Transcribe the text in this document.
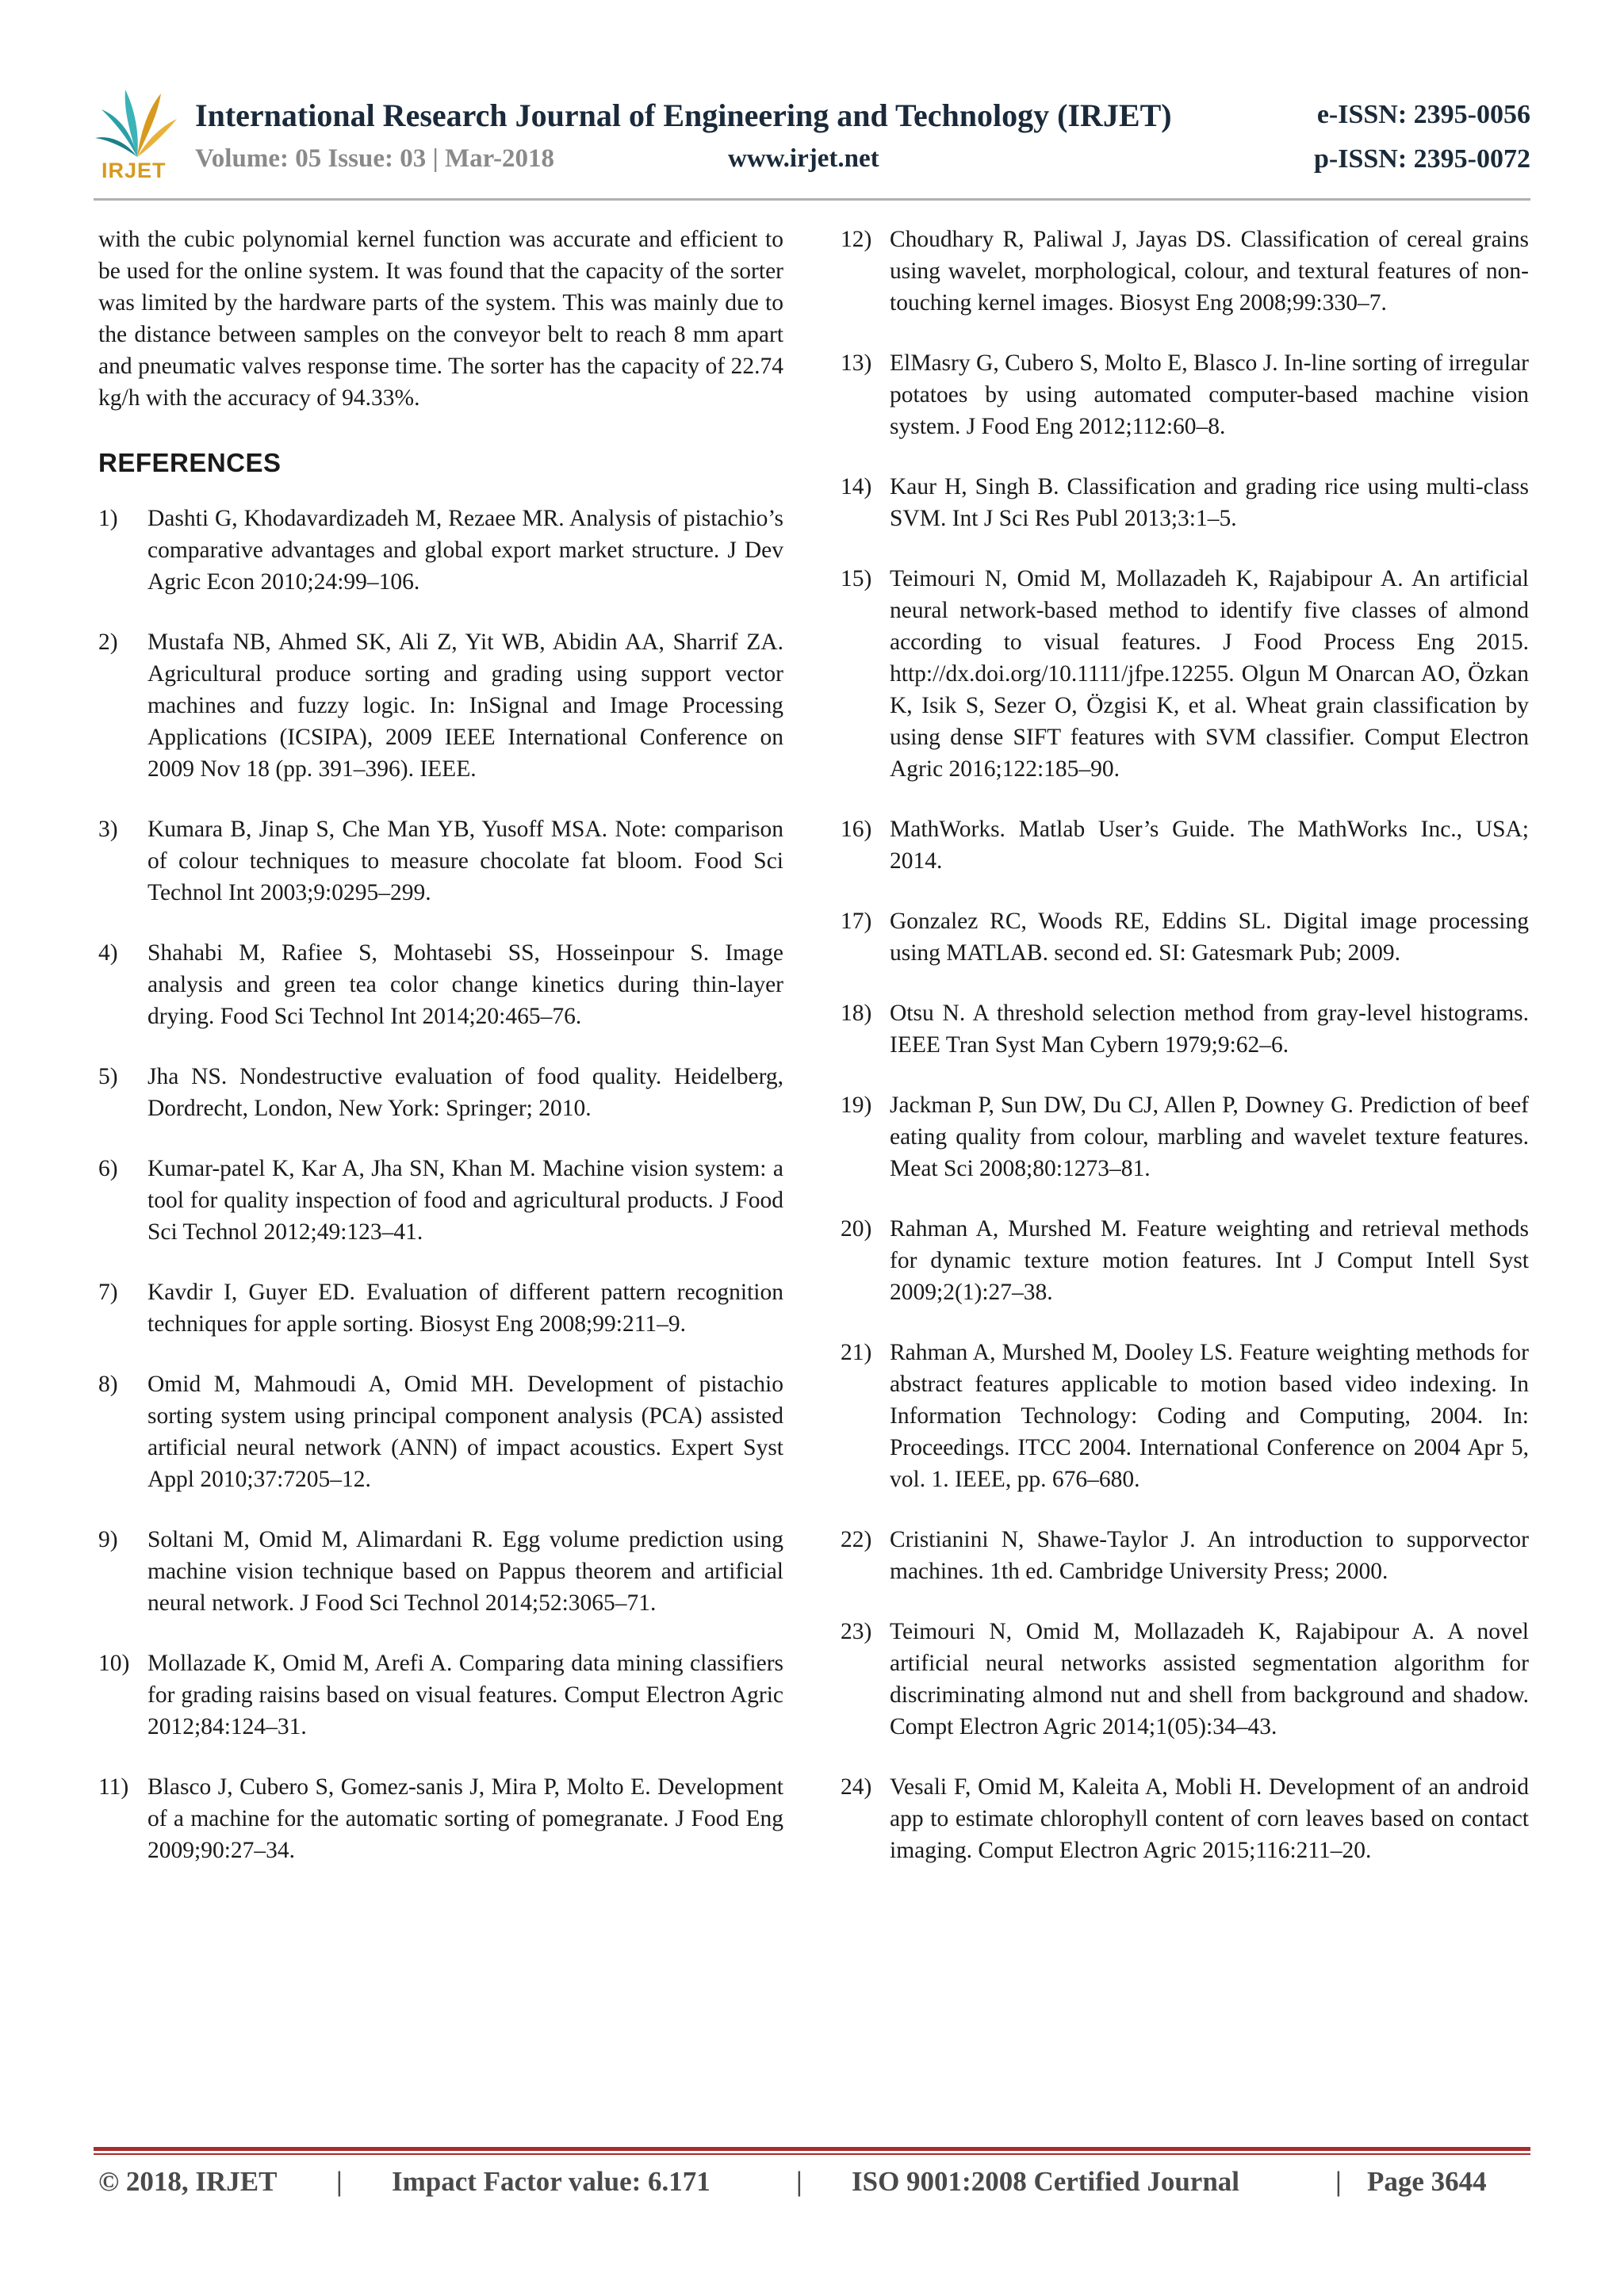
IRJET
International Research Journal of Engineering and Technology (IRJET)	e-ISSN: 2395-0056
Volume: 05 Issue: 03 | Mar-2018	www.irjet.net	p-ISSN: 2395-0072

with the cubic polynomial kernel function was accurate and efficient to be used for the online system. It was found that the capacity of the sorter was limited by the hardware parts of the system. This was mainly due to the distance between samples on the conveyor belt to reach 8 mm apart and pneumatic valves response time. The sorter has the capacity of 22.74 kg/h with the accuracy of 94.33%.

REFERENCES
1)	Dashti G, Khodavardizadeh M, Rezaee MR. Analysis of pistachio’s comparative advantages and global export market structure. J Dev Agric Econ 2010;24:99–106.
2)	Mustafa NB, Ahmed SK, Ali Z, Yit WB, Abidin AA, Sharrif ZA. Agricultural produce sorting and grading using support vector machines and fuzzy logic. In: InSignal and Image Processing Applications (ICSIPA), 2009 IEEE International Conference on 2009 Nov 18 (pp. 391–396). IEEE.
3)	Kumara B, Jinap S, Che Man YB, Yusoff MSA. Note: comparison of colour techniques to measure chocolate fat bloom. Food Sci Technol Int 2003;9:0295–299.
4)	Shahabi M, Rafiee S, Mohtasebi SS, Hosseinpour S. Image analysis and green tea color change kinetics during thin-layer drying. Food Sci Technol Int 2014;20:465–76.
5)	Jha NS. Nondestructive evaluation of food quality. Heidelberg, Dordrecht, London, New York: Springer; 2010.
6)	Kumar-patel K, Kar A, Jha SN, Khan M. Machine vision system: a tool for quality inspection of food and agricultural products. J Food Sci Technol 2012;49:123–41.
7)	Kavdir I, Guyer ED. Evaluation of different pattern recognition techniques for apple sorting. Biosyst Eng 2008;99:211–9.
8)	Omid M, Mahmoudi A, Omid MH. Development of pistachio sorting system using principal component analysis (PCA) assisted artificial neural network (ANN) of impact acoustics. Expert Syst Appl 2010;37:7205–12.
9)	Soltani M, Omid M, Alimardani R. Egg volume prediction using machine vision technique based on Pappus theorem and artificial neural network. J Food Sci Technol 2014;52:3065–71.
10) Mollazade K, Omid M, Arefi A. Comparing data mining classifiers for grading raisins based on visual features. Comput Electron Agric 2012;84:124–31.
11) Blasco J, Cubero S, Gomez-sanis J, Mira P, Molto E. Development of a machine for the automatic sorting of pomegranate. J Food Eng 2009;90:27–34.
12) Choudhary R, Paliwal J, Jayas DS. Classification of cereal grains using wavelet, morphological, colour, and textural features of non-touching kernel images. Biosyst Eng 2008;99:330–7.
13) ElMasry G, Cubero S, Molto E, Blasco J. In-line sorting of irregular potatoes by using automated computer-based machine vision system. J Food Eng 2012;112:60–8.
14) Kaur H, Singh B. Classification and grading rice using multi-class SVM. Int J Sci Res Publ 2013;3:1–5.
15) Teimouri N, Omid M, Mollazadeh K, Rajabipour A. An artificial neural network-based method to identify five classes of almond according to visual features. J Food Process Eng 2015. http://dx.doi.org/10.1111/jfpe.12255. Olgun M Onarcan AO, Özkan K, Isik S, Sezer O, Özgisi K, et al. Wheat grain classification by using dense SIFT features with SVM classifier. Comput Electron Agric 2016;122:185–90.
16) MathWorks. Matlab User’s Guide. The MathWorks Inc., USA; 2014.
17) Gonzalez RC, Woods RE, Eddins SL. Digital image processing using MATLAB. second ed. SI: Gatesmark Pub; 2009.
18) Otsu N. A threshold selection method from gray-level histograms. IEEE Tran Syst Man Cybern 1979;9:62–6.
19) Jackman P, Sun DW, Du CJ, Allen P, Downey G. Prediction of beef eating quality from colour, marbling and wavelet texture features. Meat Sci 2008;80:1273–81.
20) Rahman A, Murshed M. Feature weighting and retrieval methods for dynamic texture motion features. Int J Comput Intell Syst 2009;2(1):27–38.
21) Rahman A, Murshed M, Dooley LS. Feature weighting methods for abstract features applicable to motion based video indexing. In Information Technology: Coding and Computing, 2004. In: Proceedings. ITCC 2004. International Conference on 2004 Apr 5, vol. 1. IEEE, pp. 676–680.
22) Cristianini N, Shawe-Taylor J. An introduction to supporvector machines. 1th ed. Cambridge University Press; 2000.
23) Teimouri N, Omid M, Mollazadeh K, Rajabipour A. A novel artificial neural networks assisted segmentation algorithm for discriminating almond nut and shell from background and shadow. Compt Electron Agric 2014;1(05):34–43.
24) Vesali F, Omid M, Kaleita A, Mobli H. Development of an android app to estimate chlorophyll content of corn leaves based on contact imaging. Comput Electron Agric 2015;116:211–20.
© 2018, IRJET | Impact Factor value: 6.171	| ISO 9001:2008 Certified Journal	| Page 3644
